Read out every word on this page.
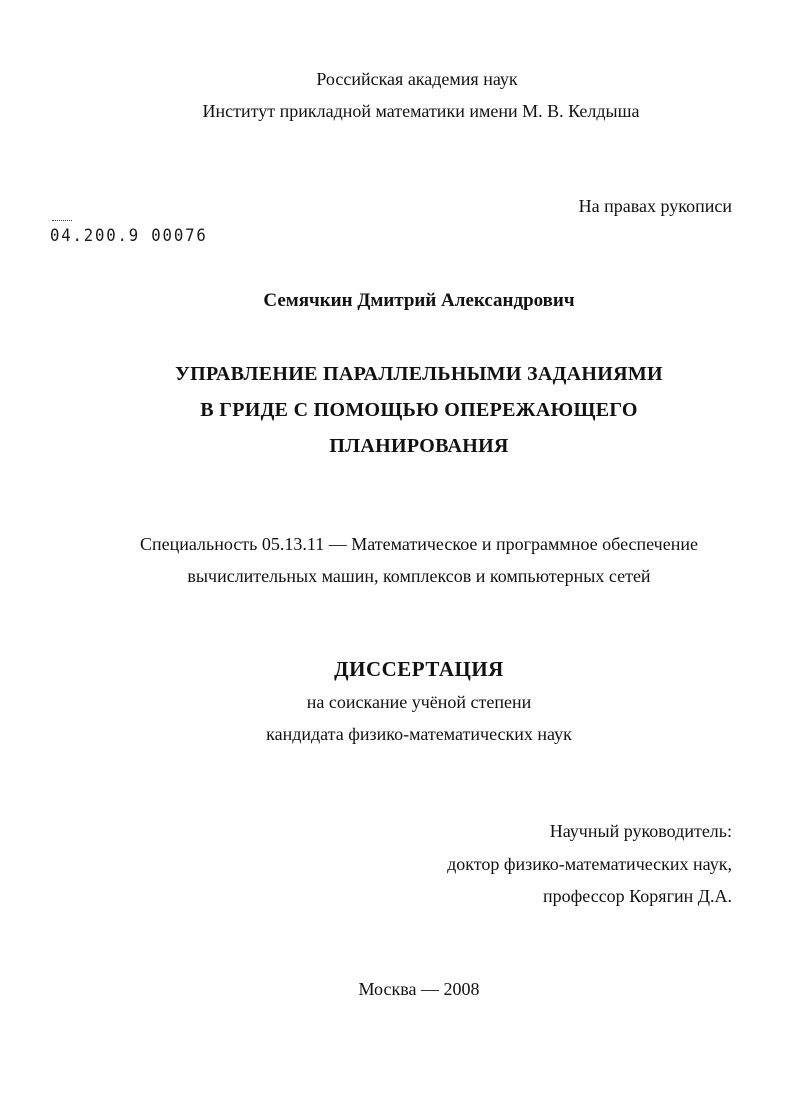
Российская академия наук
Институт прикладной математики имени М. В. Келдыша
На правах рукописи
04.200.9 00076
Семячкин Дмитрий Александрович
УПРАВЛЕНИЕ ПАРАЛЛЕЛЬНЫМИ ЗАДАНИЯМИ
В ГРИДЕ С ПОМОЩЬЮ ОПЕРЕЖАЮЩЕГО
ПЛАНИРОВАНИЯ
Специальность 05.13.11 — Математическое и программное обеспечение
вычислительных машин, комплексов и компьютерных сетей
ДИССЕРТАЦИЯ
на соискание учёной степени
кандидата физико-математических наук
Научный руководитель:
доктор физико-математических наук,
профессор Корягин Д.А.
Москва — 2008
